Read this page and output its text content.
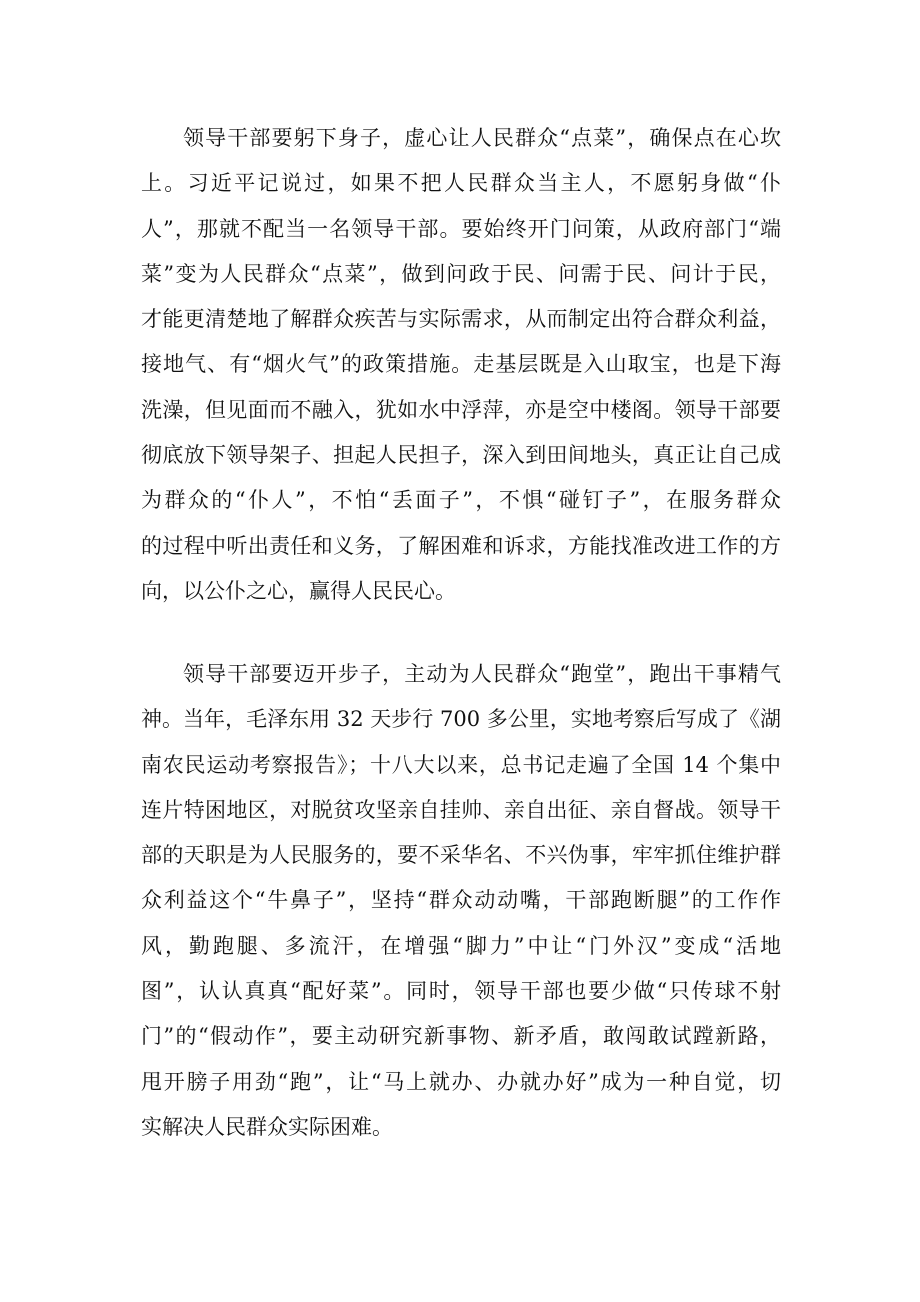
领导干部要躬下身子，虚心让人民群众“点菜”，确保点在心坎
上。习近平记说过，如果不把人民群众当主人，不愿躬身做“仆
人”，那就不配当一名领导干部。要始终开门问策，从政府部门“端
菜”变为人民群众“点菜”，做到问政于民、问需于民、问计于民，
才能更清楚地了解群众疾苦与实际需求，从而制定出符合群众利益，
接地气、有“烟火气”的政策措施。走基层既是入山取宝，也是下海
洗澡，但见面而不融入，犹如水中浮萍，亦是空中楼阁。领导干部要
彻底放下领导架子、担起人民担子，深入到田间地头，真正让自己成
为群众的“仆人”，不怕“丢面子”，不惧“碰钉子”，在服务群众
的过程中听出责任和义务，了解困难和诉求，方能找准改进工作的方
向，以公仆之心，赢得人民民心。
领导干部要迈开步子，主动为人民群众“跑堂”，跑出干事精气
神。当年，毛泽东用 32 天步行 700 多公里，实地考察后写成了《湖
南农民运动考察报告》；十八大以来，总书记走遍了全国 14 个集中
连片特困地区，对脱贫攻坚亲自挂帅、亲自出征、亲自督战。领导干
部的天职是为人民服务的，要不采华名、不兴伪事，牢牢抓住维护群
众利益这个“牛鼻子”，坚持“群众动动嘴，干部跑断腿”的工作作
风，勤跑腿、多流汗，在增强“脚力”中让“门外汉”变成“活地
图”，认认真真“配好菜”。同时，领导干部也要少做“只传球不射
门”的“假动作”，要主动研究新事物、新矛盾，敢闯敢试蹚新路，
甩开膀子用劲“跑”，让“马上就办、办就办好”成为一种自觉，切
实解决人民群众实际困难。
